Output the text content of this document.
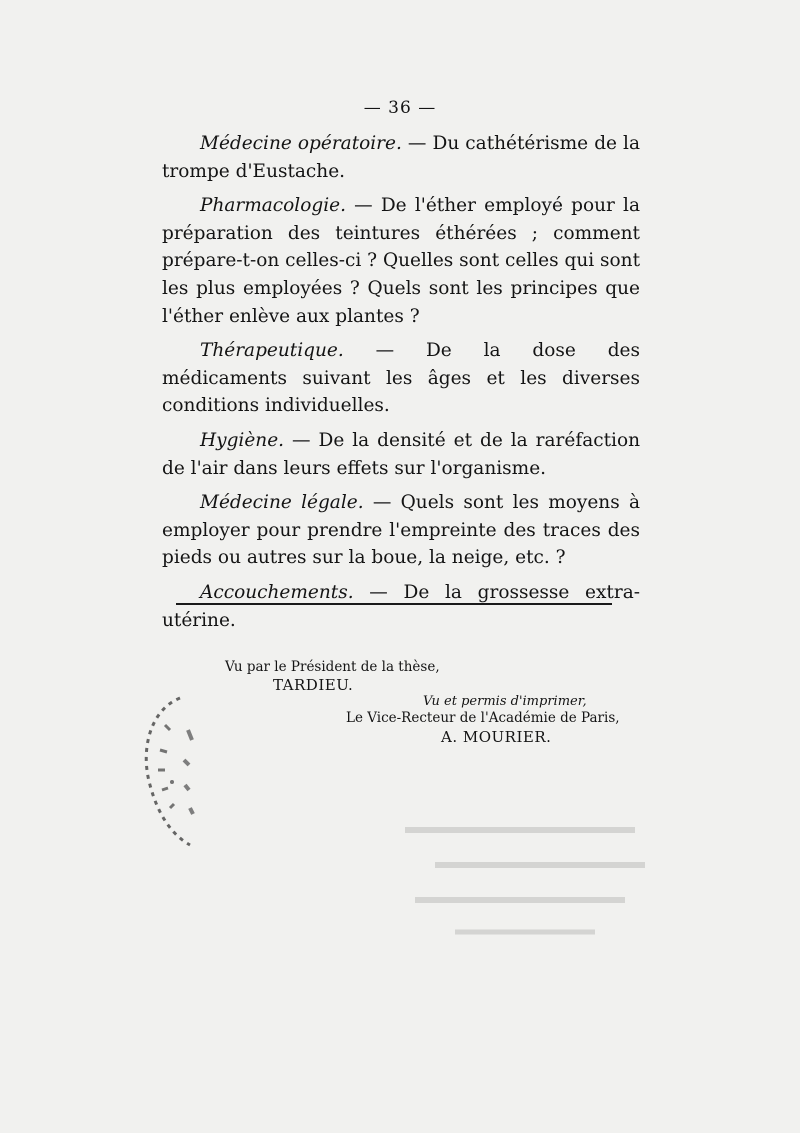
— 36 —

Médecine opératoire. — Du cathétérisme de la trompe d'Eustache.

Pharmacologie. — De l'éther employé pour la préparation des teintures éthérées ; comment prépare-t-on celles-ci ? Quelles sont celles qui sont les plus employées ? Quels sont les principes que l'éther enlève aux plantes ?

Thérapeutique. — De la dose des médicaments suivant les âges et les diverses conditions individuelles.

Hygiène. — De la densité et de la raréfaction de l'air dans leurs effets sur l'organisme.

Médecine légale. — Quels sont les moyens à employer pour prendre l'empreinte des traces des pieds ou autres sur la boue, la neige, etc. ?

Accouchements. — De la grossesse extra-utérine.

Vu par le Président de la thèse,
TARDIEU.
Vu et permis d'imprimer,
Le Vice-Recteur de l'Académie de Paris,
A. MOURIER.
